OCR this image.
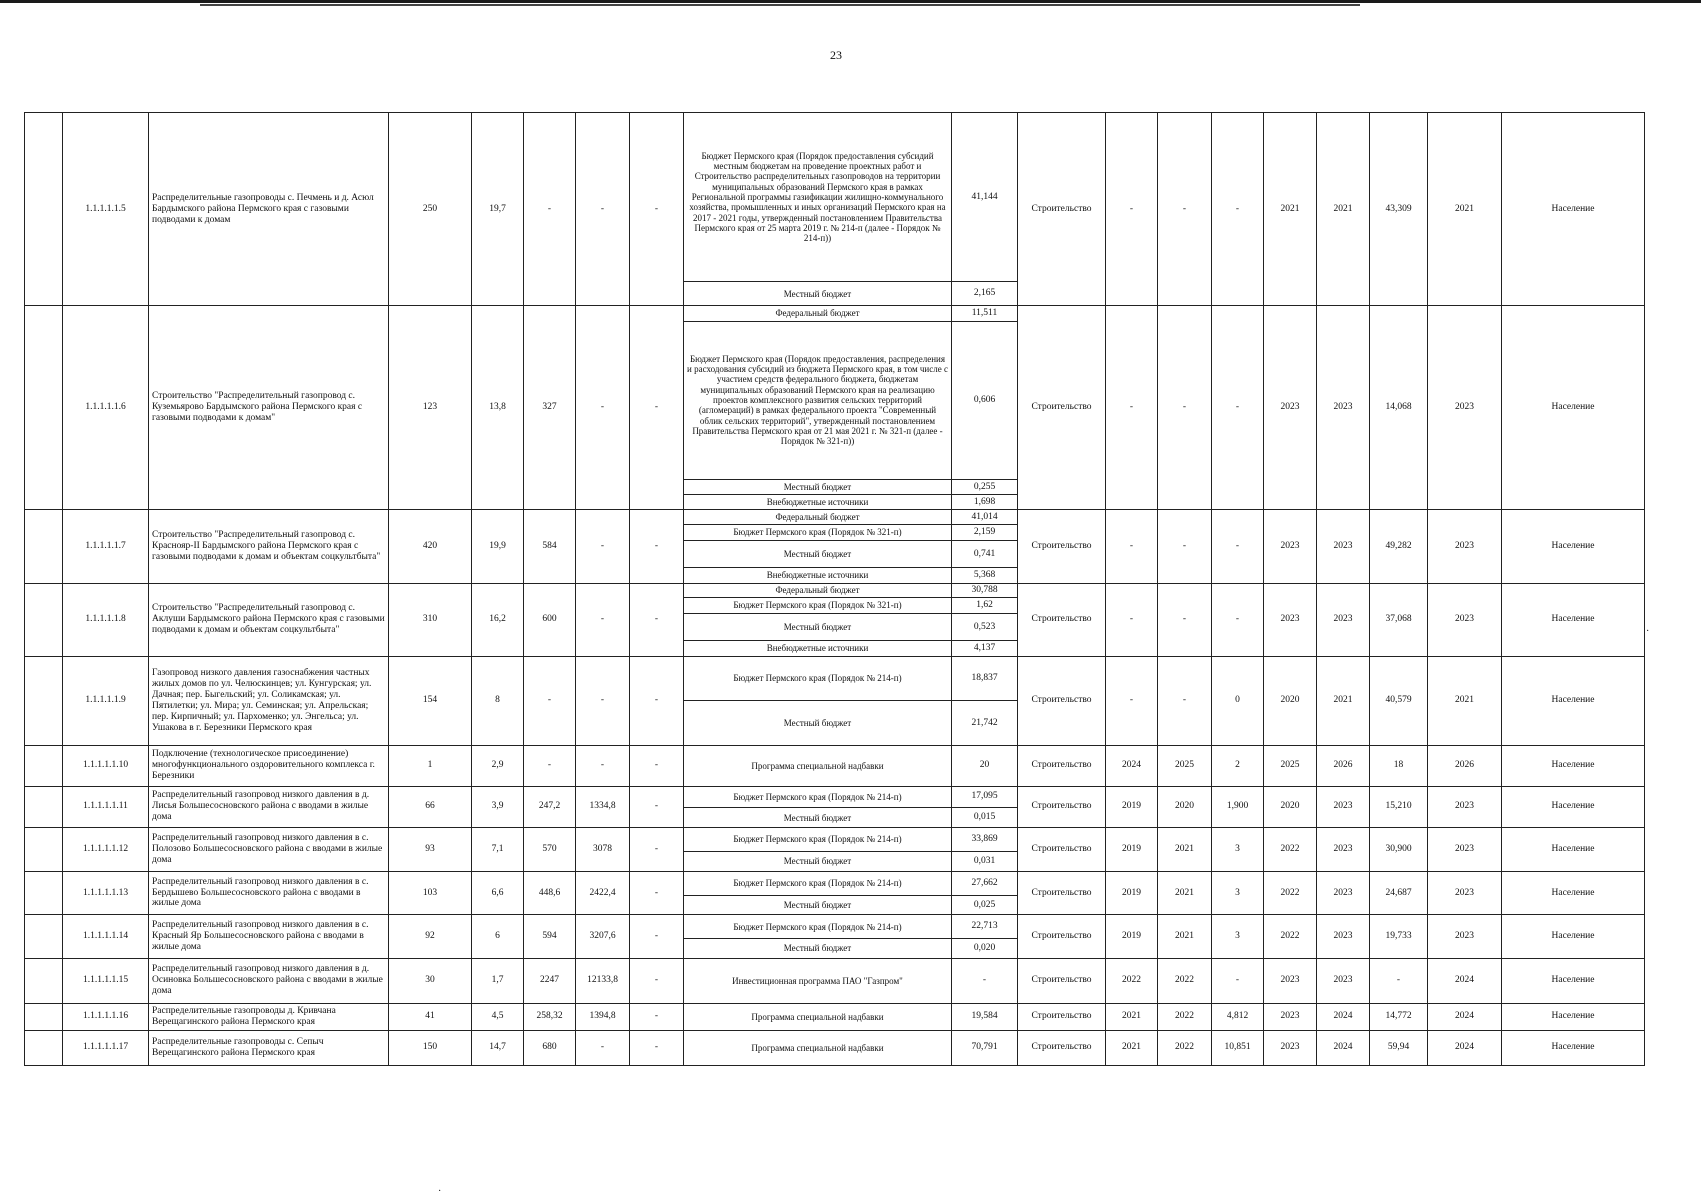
23
	1.1.1.1.1.5	Распределительные газопроводы с. Печмень и д. Асюл Бардымского района Пермского края с газовыми подводами к домам	250	19,7	-	-	-	Бюджет Пермского края (Порядок предоставления субсидий местным бюджетам на проведение проектных работ и Строительство распределительных газопроводов на территории муниципальных образований Пермского края в рамках Региональной программы газификации жилищно-коммунального хозяйства, промышленных и иных организаций Пермского края на 2017 - 2021 годы, утвержденный постановлением Правительства Пермского края от 25 марта 2019 г. № 214-п (далее - Порядок № 214-п))	41,144	Строительство	-	-	-	2021	2021	43,309	2021	Население
								Местный бюджет	2,165									
	1.1.1.1.1.6	Строительство "Распределительный газопровод с. Куземьярово Бардымского района Пермского края с газовыми подводами к домам"	123	13,8	327	-	-	Федеральный бюджет	11,511	Строительство	-	-	-	2023	2023	14,068	2023	Население
								Бюджет Пермского края (Порядок предоставления, распределения и расходования субсидий из бюджета Пермского края, в том числе с участием средств федерального бюджета, бюджетам муниципальных образований Пермского края на реализацию проектов комплексного развития сельских территорий (агломераций) в рамках федерального проекта "Современный облик сельских территорий", утвержденный постановлением Правительства Пермского края от 21 мая 2021 г. № 321-п (далее - Порядок № 321-п))	0,606									
								Местный бюджет	0,255									
								Внебюджетные источники	1,698									
	1.1.1.1.1.7	Строительство "Распределительный газопровод с. Краснояр-II Бардымского района Пермского края с газовыми подводами к домам и объектам соцкультбыта"	420	19,9	584	-	-	Федеральный бюджет	41,014	Строительство	-	-	-	2023	2023	49,282	2023	Население
								Бюджет Пермского края (Порядок № 321-п)	2,159									
								Местный бюджет	0,741									
								Внебюджетные источники	5,368									
	1.1.1.1.1.8	Строительство "Распределительный газопровод с. Аклуши Бардымского района Пермского края с газовыми подводами к домам и объектам соцкультбыта"	310	16,2	600	-	-	Федеральный бюджет	30,788	Строительство	-	-	-	2023	2023	37,068	2023	Население
								Бюджет Пермского края (Порядок № 321-п)	1,62									
								Местный бюджет	0,523									
								Внебюджетные источники	4,137									
	1.1.1.1.1.9	Газопровод низкого давления газоснабжения частных жилых домов по ул. Челюскинцев; ул. Кунгурская; ул. Дачная; пер. Быгельский; ул. Соликамская; ул. Пятилетки; ул. Мира; ул. Семинская; ул. Апрельская; пер. Кирпичный; ул. Пархоменко; ул. Энгельса; ул. Ушакова в г. Березники Пермского края	154	8	-	-	-	Бюджет Пермского края (Порядок № 214-п)	18,837	Строительство	-	-	0	2020	2021	40,579	2021	Население
								Местный бюджет	21,742									
	1.1.1.1.1.10	Подключение (технологическое присоединение) многофункционального оздоровительного комплекса г. Березники	1	2,9	-	-	-	Программа специальной надбавки	20	Строительство	2024	2025	2	2025	2026	18	2026	Население
	1.1.1.1.1.11	Распределительный газопровод низкого давления в д. Лисья Большесосновского района с вводами в жилые дома	66	3,9	247,2	1334,8	-	Бюджет Пермского края (Порядок № 214-п)	17,095	Строительство	2019	2020	1,900	2020	2023	15,210	2023	Население
								Местный бюджет	0,015									
	1.1.1.1.1.12	Распределительный газопровод низкого давления в с. Полозово Большесосновского района с вводами в жилые дома	93	7,1	570	3078	-	Бюджет Пермского края (Порядок № 214-п)	33,869	Строительство	2019	2021	3	2022	2023	30,900	2023	Население
								Местный бюджет	0,031									
	1.1.1.1.1.13	Распределительный газопровод низкого давления в с. Бердышево Большесосновского района с вводами в жилые дома	103	6,6	448,6	2422,4	-	Бюджет Пермского края (Порядок № 214-п)	27,662	Строительство	2019	2021	3	2022	2023	24,687	2023	Население
								Местный бюджет	0,025									
	1.1.1.1.1.14	Распределительный газопровод низкого давления в с. Красный Яр Большесосновского района с вводами в жилые дома	92	6	594	3207,6	-	Бюджет Пермского края (Порядок № 214-п)	22,713	Строительство	2019	2021	3	2022	2023	19,733	2023	Население
								Местный бюджет	0,020									
	1.1.1.1.1.15	Распределительный газопровод низкого давления в д. Осиновка Большесосновского района с вводами в жилые дома	30	1,7	2247	12133,8	-	Инвестиционная программа ПАО "Газпром"	-	Строительство	2022	2022	-	2023	2023	-	2024	Население
	1.1.1.1.1.16	Распределительные газопроводы д. Кривчана Верещагинского района Пермского края	41	4,5	258,32	1394,8	-	Программа специальной надбавки	19,584	Строительство	2021	2022	4,812	2023	2024	14,772	2024	Население
	1.1.1.1.1.17	Распределительные газопроводы с. Сепыч Верещагинского района Пермского края	150	14,7	680	-	-	Программа специальной надбавки	70,791	Строительство	2021	2022	10,851	2023	2024	59,94	2024	Население
·
·
